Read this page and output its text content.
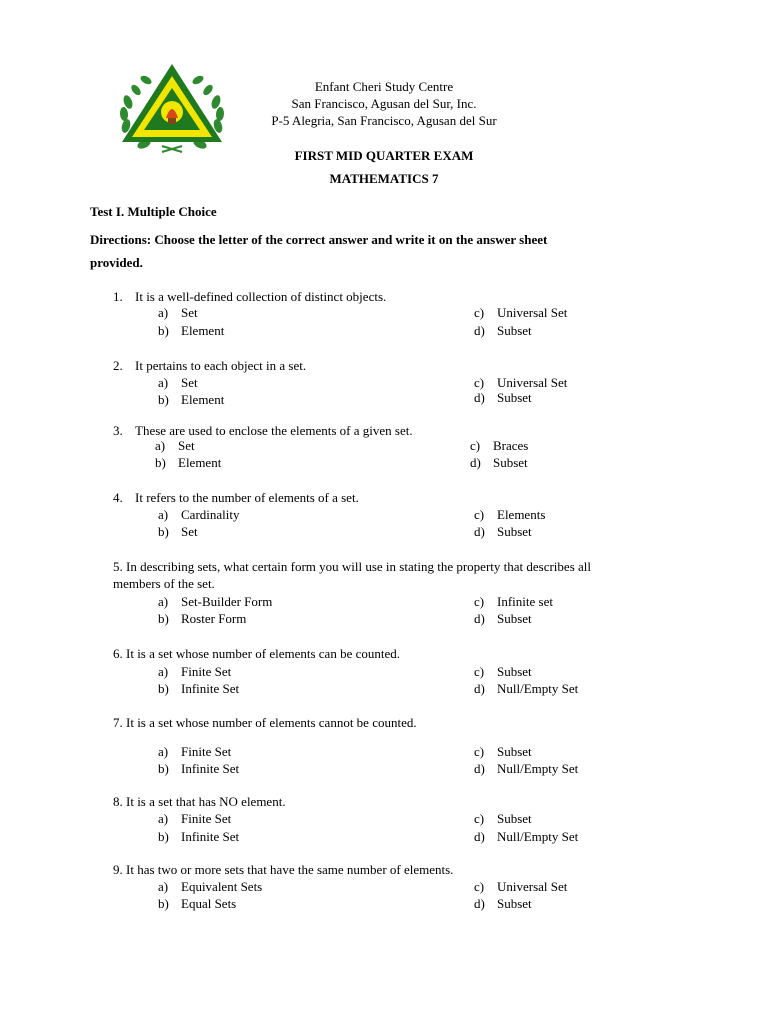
Enfant Cheri Study Centre
San Francisco, Agusan del Sur, Inc.
P-5 Alegria, San Francisco, Agusan del Sur
FIRST MID QUARTER EXAM
MATHEMATICS 7
Test I. Multiple Choice
Directions: Choose the letter of the correct answer and write it on the answer sheet
provided.
1. It is a well-defined collection of distinct objects.
a) Set
b) Element
c) Universal Set
d) Subset
2. It pertains to each object in a set.
a) Set
b) Element
c) Universal Set
d) Subset
3. These are used to enclose the elements of a given set.
a) Set
b) Element
c) Braces
d) Subset
4. It refers to the number of elements of a set.
a) Cardinality
b) Set
c) Elements
d) Subset
5. In describing sets, what certain form you will use in stating the property that describes all
members of the set.
a) Set-Builder Form
b) Roster Form
c) Infinite set
d) Subset
6. It is a set whose number of elements can be counted.
a) Finite Set
b) Infinite Set
c) Subset
d) Null/Empty Set
7. It is a set whose number of elements cannot be counted.
a) Finite Set
b) Infinite Set
c) Subset
d) Null/Empty Set
8. It is a set that has NO element.
a) Finite Set
b) Infinite Set
c) Subset
d) Null/Empty Set
9. It has two or more sets that have the same number of elements.
a) Equivalent Sets
b) Equal Sets
c) Universal Set
d) Subset
